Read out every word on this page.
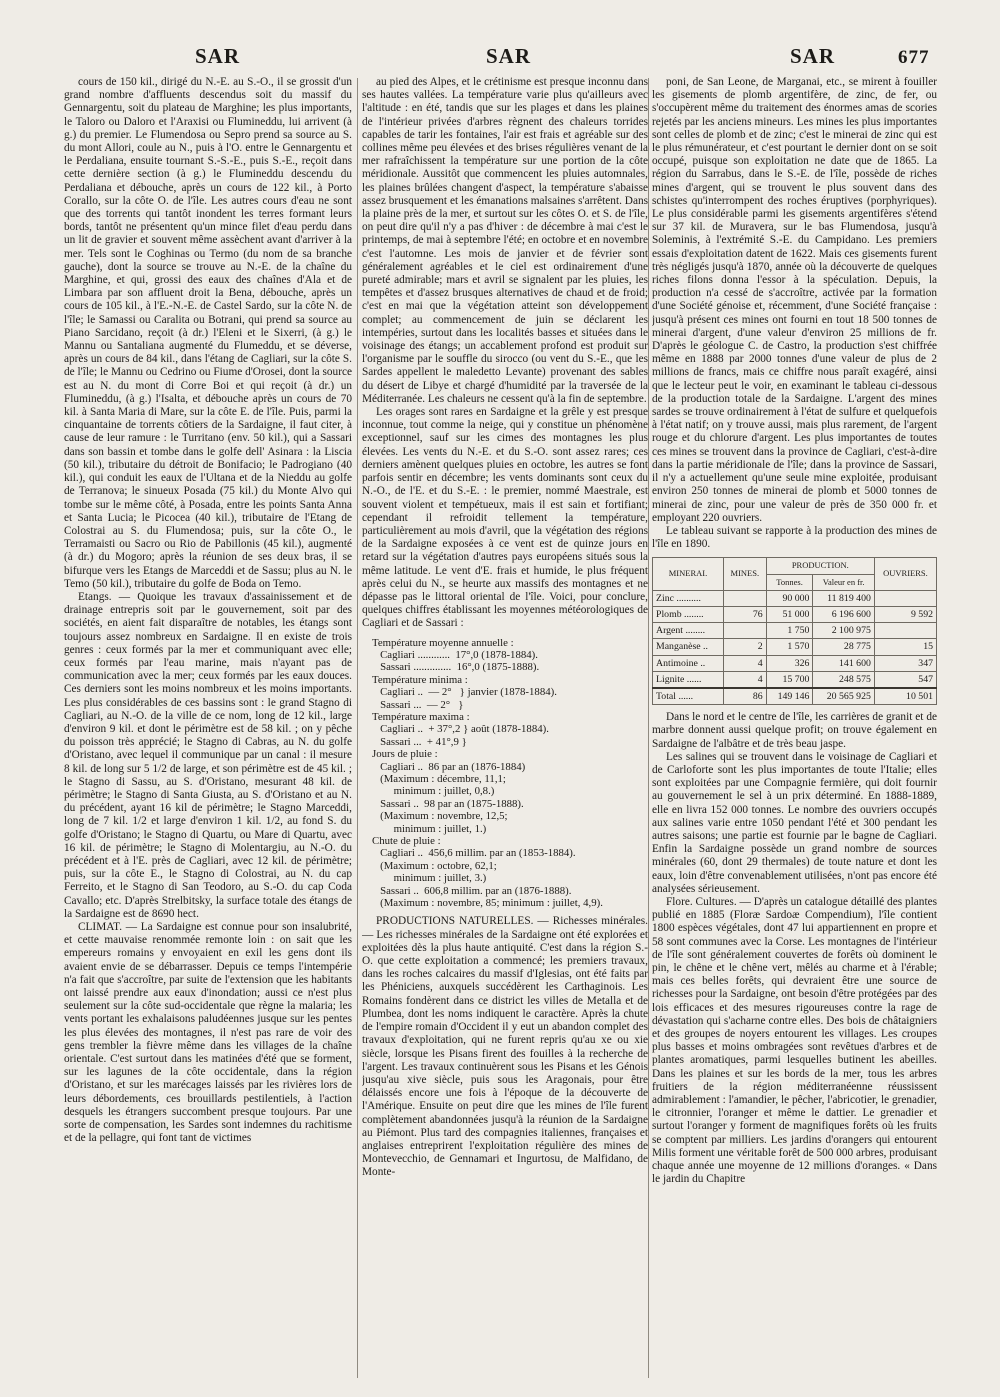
SAR	SAR	SAR	677

cours de 150 kil., dirigé du N.-E. au S.-O., il se grossit d'un grand nombre d'affluents descendus soit du massif du Gennargentu, soit du plateau de Marghine; les plus importants, le Taloro ou Daloro et l'Araxisi ou Flumineddu, lui arrivent (à g.) du premier. Le Flumendosa ou Sepro prend sa source au S. du mont Allori, coule au N., puis à l'O. entre le Gennargentu et le Perdaliana, ensuite tournant S.-S.-E., puis S.-E., reçoit dans cette dernière section (à g.) le Flumineddu descendu du Perdaliana et débouche, après un cours de 122 kil., à Porto Corallo, sur la côte O. de l'île. Les autres cours d'eau ne sont que des torrents qui tantôt inondent les terres formant leurs bords, tantôt ne présentent qu'un mince filet d'eau perdu dans un lit de gravier et souvent même assèchent avant d'arriver à la mer. Tels sont le Coghinas ou Termo (du nom de sa branche gauche), dont la source se trouve au N.-E. de la chaîne du Marghine, et qui, grossi des eaux des chaînes d'Ala et de Limbara par son affluent droit la Bena, débouche, après un cours de 105 kil., à l'E.-N.-E. de Castel Sardo, sur la côte N. de l'île; le Samassi ou Caralita ou Botrani, qui prend sa source au Piano Sarcidano, reçoit (à dr.) l'Eleni et le Sixerri, (à g.) le Mannu ou Santaliana augmenté du Flumeddu, et se déverse, après un cours de 84 kil., dans l'étang de Cagliari, sur la côte S. de l'île; le Mannu ou Cedrino ou Fiume d'Orosei, dont la source est au N. du mont di Corre Boi et qui reçoit (à dr.) un Flumineddu, (à g.) l'Isalta, et débouche après un cours de 70 kil. à Santa Maria di Mare, sur la côte E. de l'île. Puis, parmi la cinquantaine de torrents côtiers de la Sardaigne, il faut citer, à cause de leur ramure : le Turritano (env. 50 kil.), qui a Sassari dans son bassin et tombe dans le golfe dell' Asinara : la Liscia (50 kil.), tributaire du détroit de Bonifacio; le Padrogiano (40 kil.), qui conduit les eaux de l'Ultana et de la Nieddu au golfe de Terranova; le sinueux Posada (75 kil.) du Monte Alvo qui tombe sur le même côté, à Posada, entre les points Santa Anna et Santa Lucia; le Picocea (40 kil.), tributaire de l'Etang de Colostrai au S. du Flumendosa; puis, sur la côte O., le Terramaisti ou Sacro ou Rio de Pabillonis (45 kil.), augmenté (à dr.) du Mogoro; après la réunion de ses deux bras, il se bifurque vers les Etangs de Marceddi et de Sassu; plus au N. le Temo (50 kil.), tributaire du golfe de Boda on Temo.

Etangs. — Quoique les travaux d'assainissement et de drainage entrepris soit par le gouvernement, soit par des sociétés, en aient fait disparaître de notables, les étangs sont toujours assez nombreux en Sardaigne. Il en existe de trois genres : ceux formés par la mer et communiquant avec elle; ceux formés par l'eau marine, mais n'ayant pas de communication avec la mer; ceux formés par les eaux douces. Ces derniers sont les moins nombreux et les moins importants. Les plus considérables de ces bassins sont : le grand Stagno di Cagliari, au N.-O. de la ville de ce nom, long de 12 kil., large d'environ 9 kil. et dont le périmètre est de 58 kil. ; on y pêche du poisson très apprécié; le Stagno di Cabras, au N. du golfe d'Oristano, avec lequel il communique par un canal : il mesure 8 kil. de long sur 5 1/2 de large, et son périmètre est de 45 kil. ; le Stagno di Sassu, au S. d'Oristano, mesurant 48 kil. de périmètre; le Stagno di Santa Giusta, au S. d'Oristano et au N. du précédent, ayant 16 kil de périmètre; le Stagno Marceddi, long de 7 kil. 1/2 et large d'environ 1 kil. 1/2, au fond S. du golfe d'Oristano; le Stagno di Quartu, ou Mare di Quartu, avec 16 kil. de périmètre; le Stagno di Molentargiu, au N.-O. du précédent et à l'E. près de Cagliari, avec 12 kil. de périmètre; puis, sur la côte E., le Stagno di Colostrai, au N. du cap Ferreito, et le Stagno di San Teodoro, au S.-O. du cap Coda Cavallo; etc. D'après Strelbitsky, la surface totale des étangs de la Sardaigne est de 8690 hect.

CLIMAT. — La Sardaigne est connue pour son insalubrité, et cette mauvaise renommée remonte loin : on sait que les empereurs romains y envoyaient en exil les gens dont ils avaient envie de se débarrasser. Depuis ce temps l'intempérie n'a fait que s'accroître, par suite de l'extension que les habitants ont laissé prendre aux eaux d'inondation; aussi ce n'est plus seulement sur la côte sud-occidentale que règne la malaria; les vents portant les exhalaisons paludéennes jusque sur les pentes les plus élevées des montagnes, il n'est pas rare de voir des gens trembler la fièvre même dans les villages de la chaîne orientale. C'est surtout dans les matinées d'été que se forment, sur les lagunes de la côte occidentale, dans la région d'Oristano, et sur les marécages laissés par les rivières lors de leurs débordements, ces brouillards pestilentiels, à l'action desquels les étrangers succombent presque toujours. Par une sorte de compensation, les Sardes sont indemnes du rachitisme et de la pellagre, qui font tant de victimes

au pied des Alpes, et le crétinisme est presque inconnu dans ses hautes vallées. La température varie plus qu'ailleurs avec l'altitude : en été, tandis que sur les plages et dans les plaines de l'intérieur privées d'arbres règnent des chaleurs torrides capables de tarir les fontaines, l'air est frais et agréable sur des collines même peu élevées et des brises régulières venant de la mer rafraîchissent la température sur une portion de la côte méridionale. Aussitôt que commencent les pluies automnales, les plaines brûlées changent d'aspect, la température s'abaisse assez brusquement et les émanations malsaines s'arrêtent. Dans la plaine près de la mer, et surtout sur les côtes O. et S. de l'île, on peut dire qu'il n'y a pas d'hiver : de décembre à mai c'est le printemps, de mai à septembre l'été; en octobre et en novembre c'est l'automne. Les mois de janvier et de février sont généralement agréables et le ciel est ordinairement d'une pureté admirable; mars et avril se signalent par les pluies, les tempêtes et d'assez brusques alternatives de chaud et de froid; c'est en mai que la végétation atteint son développement complet; au commencement de juin se déclarent les intempéries, surtout dans les localités basses et situées dans le voisinage des étangs; un accablement profond est produit sur l'organisme par le souffle du sirocco (ou vent du S.-E., que les Sardes appellent le maledetto Levante) provenant des sables du désert de Libye et chargé d'humidité par la traversée de la Méditerranée. Les chaleurs ne cessent qu'à la fin de septembre.

Les orages sont rares en Sardaigne et la grêle y est presque inconnue, tout comme la neige, qui y constitue un phénomène exceptionnel, sauf sur les cimes des montagnes les plus élevées. Les vents du N.-E. et du S.-O. sont assez rares; ces derniers amènent quelques pluies en octobre, les autres se font parfois sentir en décembre; les vents dominants sont ceux du N.-O., de l'E. et du S.-E. : le premier, nommé Maestrale, est souvent violent et tempétueux, mais il est sain et fortifiant; cependant il refroidit tellement la température, particulièrement au mois d'avril, que la végétation des régions de la Sardaigne exposées à ce vent est de quinze jours en retard sur la végétation d'autres pays européens situés sous la même latitude. Le vent d'E. frais et humide, le plus fréquent après celui du N., se heurte aux massifs des montagnes et ne dépasse pas le littoral oriental de l'île. Voici, pour conclure, quelques chiffres établissant les moyennes météorologiques de Cagliari et de Sassari :

Température moyenne annuelle :
Cagliari ............  17°,0 (1878-1884).
Sassari ..............  16°,0 (1875-1888).
Température minima :
Cagliari ..  — 2°   } janvier (1878-1884).
Sassari ...  — 2°   }
Température maxima :
Cagliari ..  + 37°,2 } août (1878-1884).
Sassari ...  + 41°,9 }
Jours de pluie :
Cagliari ..  86 par an (1876-1884)
(Maximum : décembre, 11,1;
minimum : juillet, 0,8.)
Sassari ..  98 par an (1875-1888).
(Maximum : novembre, 12,5;
minimum : juillet, 1.)
Chute de pluie :
Cagliari ..  456,6 millim. par an (1853-1884).
(Maximum : octobre, 62,1;
minimum : juillet, 3.)
Sassari ..  606,8 millim. par an (1876-1888).
(Maximum : novembre, 85; minimum : juillet, 4,9).

PRODUCTIONS NATURELLES. — Richesses minérales. — Les richesses minérales de la Sardaigne ont été explorées et exploitées dès la plus haute antiquité. C'est dans la région S.-O. que cette exploitation a commencé; les premiers travaux, dans les roches calcaires du massif d'Iglesias, ont été faits par les Phéniciens, auxquels succédèrent les Carthaginois. Les Romains fondèrent dans ce district les villes de Metalla et de Plumbea, dont les noms indiquent le caractère. Après la chute de l'empire romain d'Occident il y eut un abandon complet des travaux d'exploitation, qui ne furent repris qu'au xe ou xie siècle, lorsque les Pisans firent des fouilles à la recherche de l'argent. Les travaux continuèrent sous les Pisans et les Génois jusqu'au xive siècle, puis sous les Aragonais, pour être délaissés encore une fois à l'époque de la découverte de l'Amérique. Ensuite on peut dire que les mines de l'île furent complètement abandonnées jusqu'à la réunion de la Sardaigne au Piémont. Plus tard des compagnies italiennes, françaises et anglaises entreprirent l'exploitation régulière des mines de Montevecchio, de Gennamari et Ingurtosu, de Malfidano, de Monte-

poni, de San Leone, de Marganai, etc., se mirent à fouiller les gisements de plomb argentifère, de zinc, de fer, ou s'occupèrent même du traitement des énormes amas de scories rejetés par les anciens mineurs. Les mines les plus importantes sont celles de plomb et de zinc; c'est le minerai de zinc qui est le plus rémunérateur, et c'est pourtant le dernier dont on se soit occupé, puisque son exploitation ne date que de 1865. La région du Sarrabus, dans le S.-E. de l'île, possède de riches mines d'argent, qui se trouvent le plus souvent dans des schistes qu'interrompent des roches éruptives (porphyriques). Le plus considérable parmi les gisements argentifères s'étend sur 37 kil. de Muravera, sur le bas Flumendosa, jusqu'à Soleminis, à l'extrémité S.-E. du Campidano. Les premiers essais d'exploitation datent de 1622. Mais ces gisements furent très négligés jusqu'à 1870, année où la découverte de quelques riches filons donna l'essor à la spéculation. Depuis, la production n'a cessé de s'accroître, activée par la formation d'une Société génoise et, récemment, d'une Société française : jusqu'à présent ces mines ont fourni en tout 18 500 tonnes de minerai d'argent, d'une valeur d'environ 25 millions de fr. D'après le géologue C. de Castro, la production s'est chiffrée même en 1888 par 2000 tonnes d'une valeur de plus de 2 millions de francs, mais ce chiffre nous paraît exagéré, ainsi que le lecteur peut le voir, en examinant le tableau ci-dessous de la production totale de la Sardaigne. L'argent des mines sardes se trouve ordinairement à l'état de sulfure et quelquefois à l'état natif; on y trouve aussi, mais plus rarement, de l'argent rouge et du chlorure d'argent. Les plus importantes de toutes ces mines se trouvent dans la province de Cagliari, c'est-à-dire dans la partie méridionale de l'île; dans la province de Sassari, il n'y a actuellement qu'une seule mine exploitée, produisant environ 250 tonnes de minerai de plomb et 5000 tonnes de minerai de zinc, pour une valeur de près de 350 000 fr. et employant 220 ouvriers.

Le tableau suivant se rapporte à la production des mines de l'île en 1890.

MINERAI.	MINES.	PRODUCTION.		OUVRIERS.
		Tonnes.	Valeur en fr.	
Zinc ..........		90 000	11 819 400	
Plomb ........	76	51 000	6 196 600	9 592
Argent ........		1 750	2 100 975	
Manganèse ..	2	1 570	28 775	15
Antimoine ..	4	326	141 600	347
Lignite ......	4	15 700	248 575	547
Total ......	86	149 146	20 565 925	10 501

Dans le nord et le centre de l'île, les carrières de granit et de marbre donnent aussi quelque profit; on trouve également en Sardaigne de l'albâtre et de très beau jaspe.

Les salines qui se trouvent dans le voisinage de Cagliari et de Carloforte sont les plus importantes de toute l'Italie; elles sont exploitées par une Compagnie fermière, qui doit fournir au gouvernement le sel à un prix déterminé. En 1888-1889, elle en livra 152 000 tonnes. Le nombre des ouvriers occupés aux salines varie entre 1050 pendant l'été et 300 pendant les autres saisons; une partie est fournie par le bagne de Cagliari. Enfin la Sardaigne possède un grand nombre de sources minérales (60, dont 29 thermales) de toute nature et dont les eaux, loin d'être convenablement utilisées, n'ont pas encore été analysées sérieusement.

Flore. Cultures. — D'après un catalogue détaillé des plantes publié en 1885 (Floræ Sardoæ Compendium), l'île contient 1800 espèces végétales, dont 47 lui appartiennent en propre et 58 sont communes avec la Corse. Les montagnes de l'intérieur de l'île sont généralement couvertes de forêts où dominent le pin, le chêne et le chêne vert, mêlés au charme et à l'érable; mais ces belles forêts, qui devraient être une source de richesses pour la Sardaigne, ont besoin d'être protégées par des lois efficaces et des mesures rigoureuses contre la rage de dévastation qui s'acharne contre elles. Des bois de châtaigniers et des groupes de noyers entourent les villages. Les croupes plus basses et moins ombragées sont revêtues d'arbres et de plantes aromatiques, parmi lesquelles butinent les abeilles. Dans les plaines et sur les bords de la mer, tous les arbres fruitiers de la région méditerranéenne réussissent admirablement : l'amandier, le pêcher, l'abricotier, le grenadier, le citronnier, l'oranger et même le dattier. Le grenadier et surtout l'oranger y forment de magnifiques forêts où les fruits se comptent par milliers. Les jardins d'orangers qui entourent Milis forment une véritable forêt de 500 000 arbres, produisant chaque année une moyenne de 12 millions d'oranges. « Dans le jardin du Chapitre
